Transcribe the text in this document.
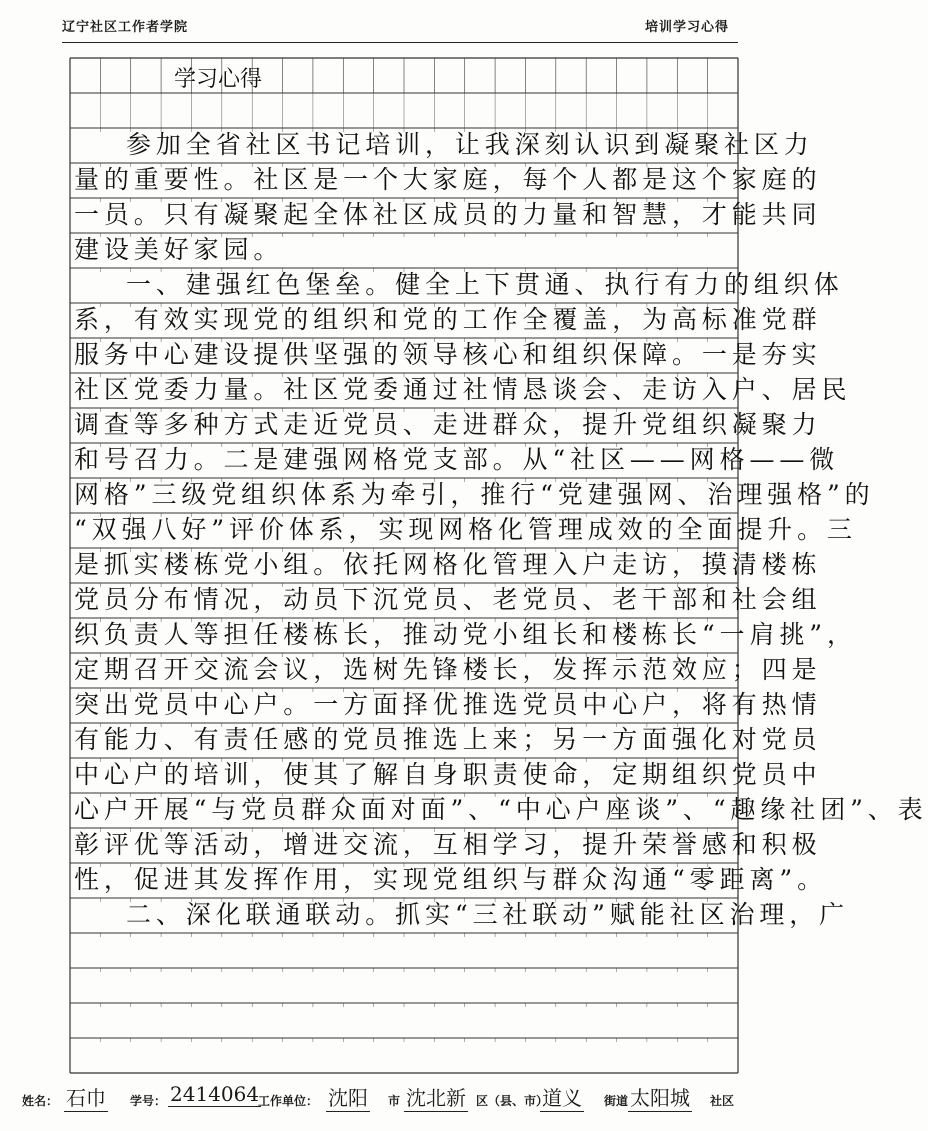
辽宁社区工作者学院	培训学习心得
学习心得
参加全省社区书记培训，让我深刻认识到凝聚社区力
量的重要性。社区是一个大家庭，每个人都是这个家庭的
一员。只有凝聚起全体社区成员的力量和智慧，才能共同
建设美好家园。
一、建强红色堡垒。健全上下贯通、执行有力的组织体
系，有效实现党的组织和党的工作全覆盖，为高标准党群
服务中心建设提供坚强的领导核心和组织保障。一是夯实
社区党委力量。社区党委通过社情恳谈会、走访入户、居民
调查等多种方式走近党员、走进群众，提升党组织凝聚力
和号召力。二是建强网格党支部。从“社区——网格——微
网格”三级党组织体系为牵引，推行“党建强网、治理强格”的
“双强八好”评价体系，实现网格化管理成效的全面提升。三
是抓实楼栋党小组。依托网格化管理入户走访，摸清楼栋
党员分布情况，动员下沉党员、老党员、老干部和社会组
织负责人等担任楼栋长，推动党小组长和楼栋长“一肩挑”，
定期召开交流会议，选树先锋楼长，发挥示范效应；四是
突出党员中心户。一方面择优推选党员中心户，将有热情
有能力、有责任感的党员推选上来；另一方面强化对党员
中心户的培训，使其了解自身职责使命，定期组织党员中
心户开展“与党员群众面对面”、“中心户座谈”、“趣缘社团”、表
彰评优等活动，增进交流，互相学习，提升荣誉感和积极
性，促进其发挥作用，实现党组织与群众沟通“零距离”。
二、深化联通联动。抓实“三社联动”赋能社区治理，广
姓名： 石巾 学号： 2414064
工作单位： 沈阳 市 沈北新 区（县、市）
道义 街道 太阳城 社区
